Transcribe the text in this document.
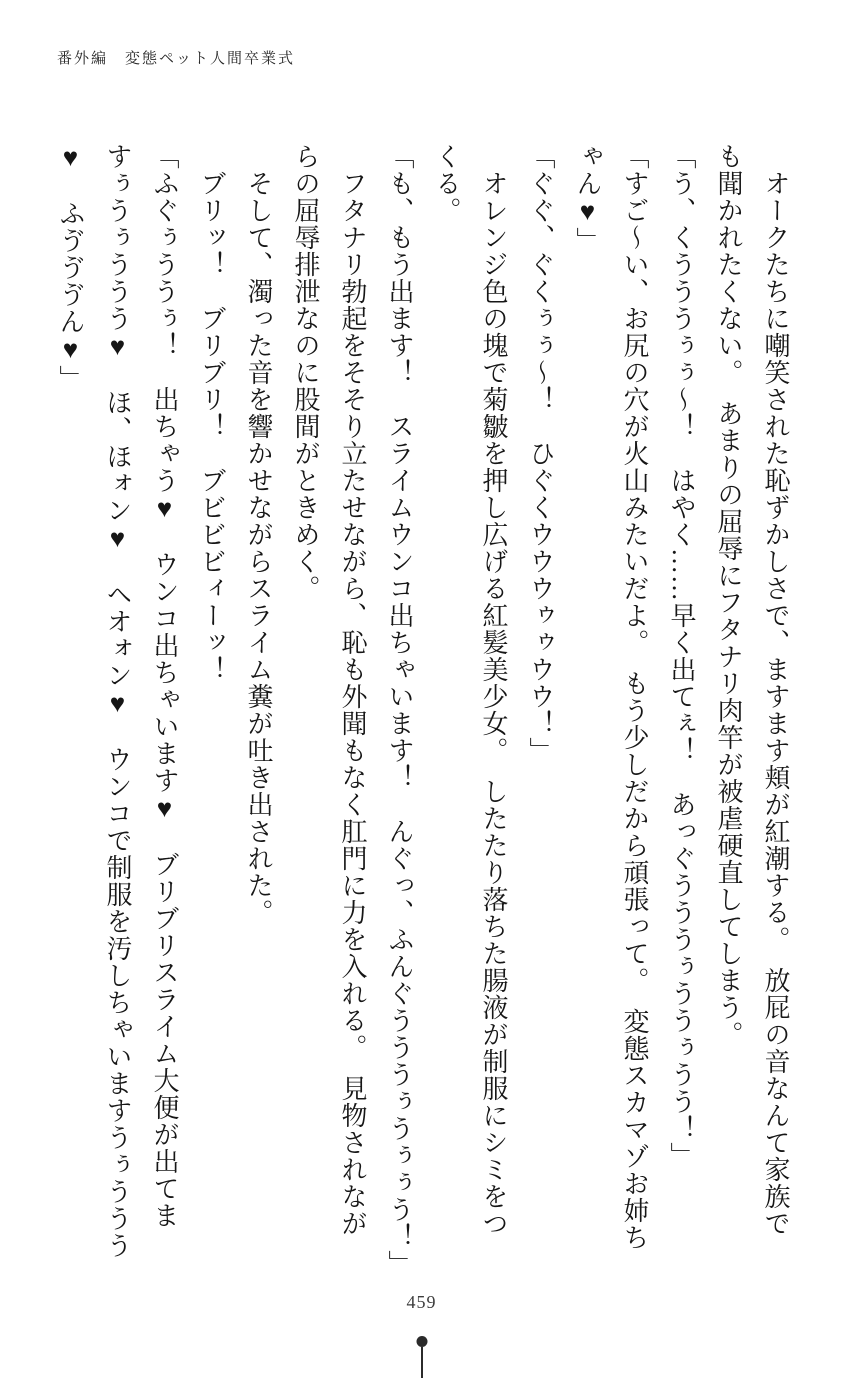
番外編　変態ペット人間卒業式
オークたちに嘲笑された恥ずかしさで、ますます頬が紅潮する。　放屁の音なんて家族で
も聞かれたくない。　あまりの屈辱にフタナリ肉竿が被虐硬直してしまう。
「う、くうううぅぅ～！　はやく……早く出てぇ！　あっぐうううぅううぅうう！」
「すご～い、お尻の穴が火山みたいだよ。　もう少しだから頑張って。　変態スカマゾお姉ち
ゃん♥」
「ぐぐ、ぐくぅぅ～！　ひぐくウウウゥゥウウ！」
オレンジ色の塊で菊皺を押し広げる紅髪美少女。　したたり落ちた腸液が制服にシミをつ
くる。
「も、もう出ます！　スライムウンコ出ちゃいます！　んぐっ、ふんぐうううぅうぅぅう！」
フタナリ勃起をそそり立たせながら、恥も外聞もなく肛門に力を入れる。　見物されなが
らの屈辱排泄なのに股間がときめく。
そして、濁った音を響かせながらスライム糞が吐き出された。
ブリッ！　ブリブリ！　ブビビビィーッ！
「ふぐぅううぅ！　出ちゃう♥　ウンコ出ちゃいます♥　ブリブリスライム大便が出てま
すぅうぅううう♥　ほ、ほォン♥　ヘオォン♥　ウンコで制服を汚しちゃいますうぅううう
♥　ふゔゔゔん♥」
459
